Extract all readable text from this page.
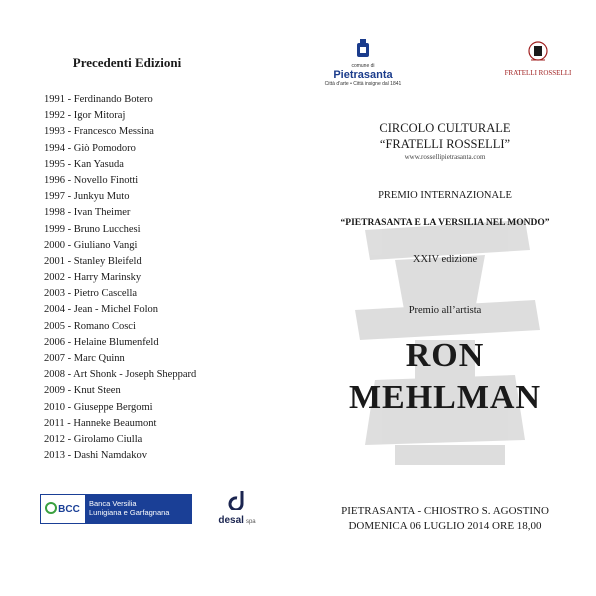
Precedenti Edizioni
1991 - Ferdinando Botero
1992 - Igor Mitoraj
1993 - Francesco Messina
1994 - Giò Pomodoro
1995 - Kan Yasuda
1996 - Novello Finotti
1997 - Junkyu Muto
1998 - Ivan Theimer
1999 - Bruno Lucchesi
2000 - Giuliano Vangi
2001 - Stanley Bleifeld
2002 - Harry Marinsky
2003 - Pietro Cascella
2004 - Jean - Michel Folon
2005 - Romano Cosci
2006 - Helaine Blumenfeld
2007 - Marc Quinn
2008 - Art Shonk - Joseph Sheppard
2009 - Knut Steen
2010 - Giuseppe Bergomi
2011 - Hanneke Beaumont
2012 - Girolamo Ciulla
2013 - Dashi Namdakov
BCC Banca Versilia
Lunigiana e Garfagnana
desal spa
comune di
Pietrasanta
Città d'arte • Città insigne dal 1841
FRATELLI ROSSELLI
CIRCOLO CULTURALE
“FRATELLI ROSSELLI”
www.rossellipietrasanta.com
PREMIO INTERNAZIONALE
“PIETRASANTA E LA VERSILIA NEL MONDO”
XXIV edizione
Premio all’artista
RON
MEHLMAN
PIETRASANTA - CHIOSTRO S. AGOSTINO
DOMENICA 06 LUGLIO 2014 ORE 18,00
